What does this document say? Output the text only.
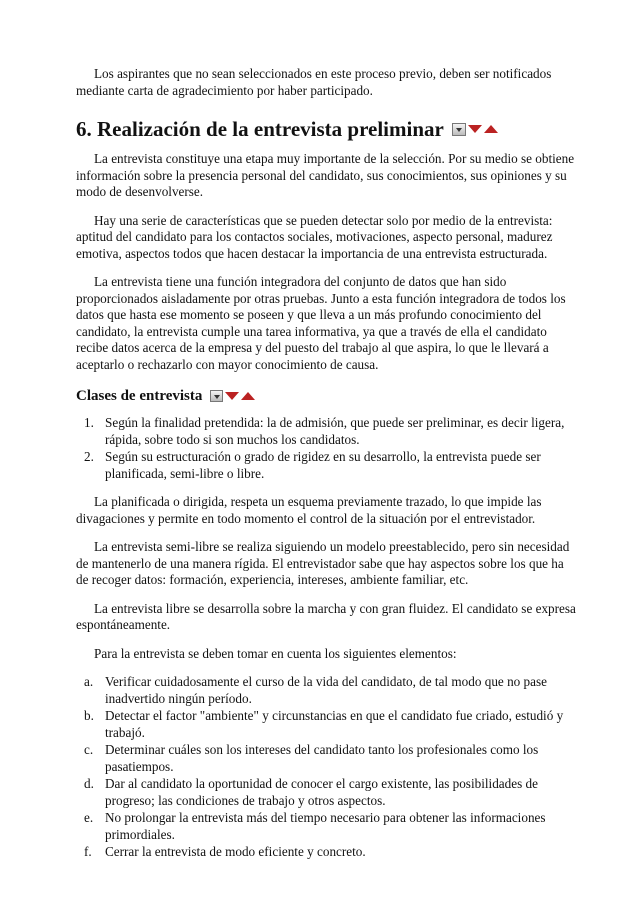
Los aspirantes que no sean seleccionados en este proceso previo, deben ser notificados mediante carta de agradecimiento por haber participado.

6. Realización de la entrevista preliminar

La entrevista constituye una etapa muy importante de la selección. Por su medio se obtiene información sobre la presencia personal del candidato, sus conocimientos, sus opiniones y su modo de desenvolverse.

Hay una serie de características que se pueden detectar solo por medio de la entrevista: aptitud del candidato para los contactos sociales, motivaciones, aspecto personal, madurez emotiva, aspectos todos que hacen destacar la importancia de una entrevista estructurada.

La entrevista tiene una función integradora del conjunto de datos que han sido proporcionados aisladamente por otras pruebas. Junto a esta función integradora de todos los datos que hasta ese momento se poseen y que lleva a un más profundo conocimiento del candidato, la entrevista cumple una tarea informativa, ya que a través de ella el candidato recibe datos acerca de la empresa y del puesto del trabajo al que aspira, lo que le llevará a aceptarlo o rechazarlo con mayor conocimiento de causa.

Clases de entrevista
1. Según la finalidad pretendida: la de admisión, que puede ser preliminar, es decir ligera, rápida, sobre todo si son muchos los candidatos.
2. Según su estructuración o grado de rigidez en su desarrollo, la entrevista puede ser planificada, semi-libre o libre.

La planificada o dirigida, respeta un esquema previamente trazado, lo que impide las divagaciones y permite en todo momento el control de la situación por el entrevistador.

La entrevista semi-libre se realiza siguiendo un modelo preestablecido, pero sin necesidad de mantenerlo de una manera rígida. El entrevistador sabe que hay aspectos sobre los que ha de recoger datos: formación, experiencia, intereses, ambiente familiar, etc.

La entrevista libre se desarrolla sobre la marcha y con gran fluidez. El candidato se expresa espontáneamente.

Para la entrevista se deben tomar en cuenta los siguientes elementos:

a. Verificar cuidadosamente el curso de la vida del candidato, de tal modo que no pase inadvertido ningún período.
b. Detectar el factor "ambiente" y circunstancias en que el candidato fue criado, estudió y trabajó.
c. Determinar cuáles son los intereses del candidato tanto los profesionales como los pasatiempos.
d. Dar al candidato la oportunidad de conocer el cargo existente, las posibilidades de progreso; las condiciones de trabajo y otros aspectos.
e. No prolongar la entrevista más del tiempo necesario para obtener las informaciones primordiales.
f.	Cerrar la entrevista de modo eficiente y concreto.
